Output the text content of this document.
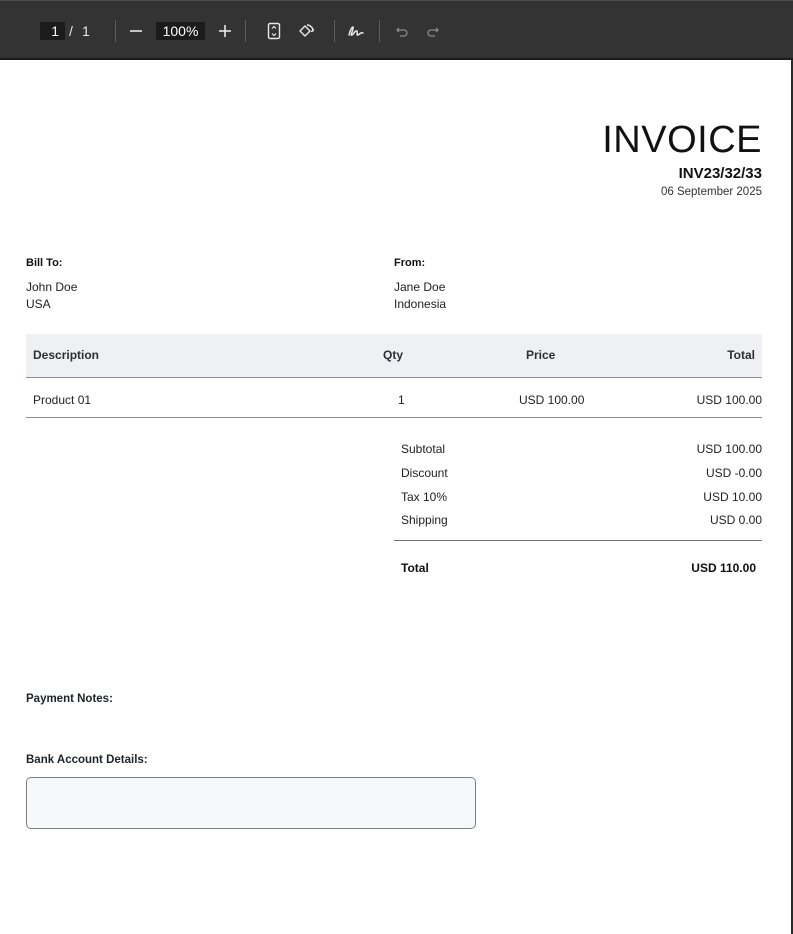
1 / 1	100%
INVOICE
INV23/32/33
06 September 2025
Bill To:
John Doe
USA
From:
Jane Doe
Indonesia
Description	Qty	Price	Total
Product 01	1	USD 100.00	USD 100.00
Subtotal	USD 100.00
Discount	USD -0.00
Tax 10%	USD 10.00
Shipping	USD 0.00
Total	USD 110.00
Payment Notes:
Bank Account Details:
